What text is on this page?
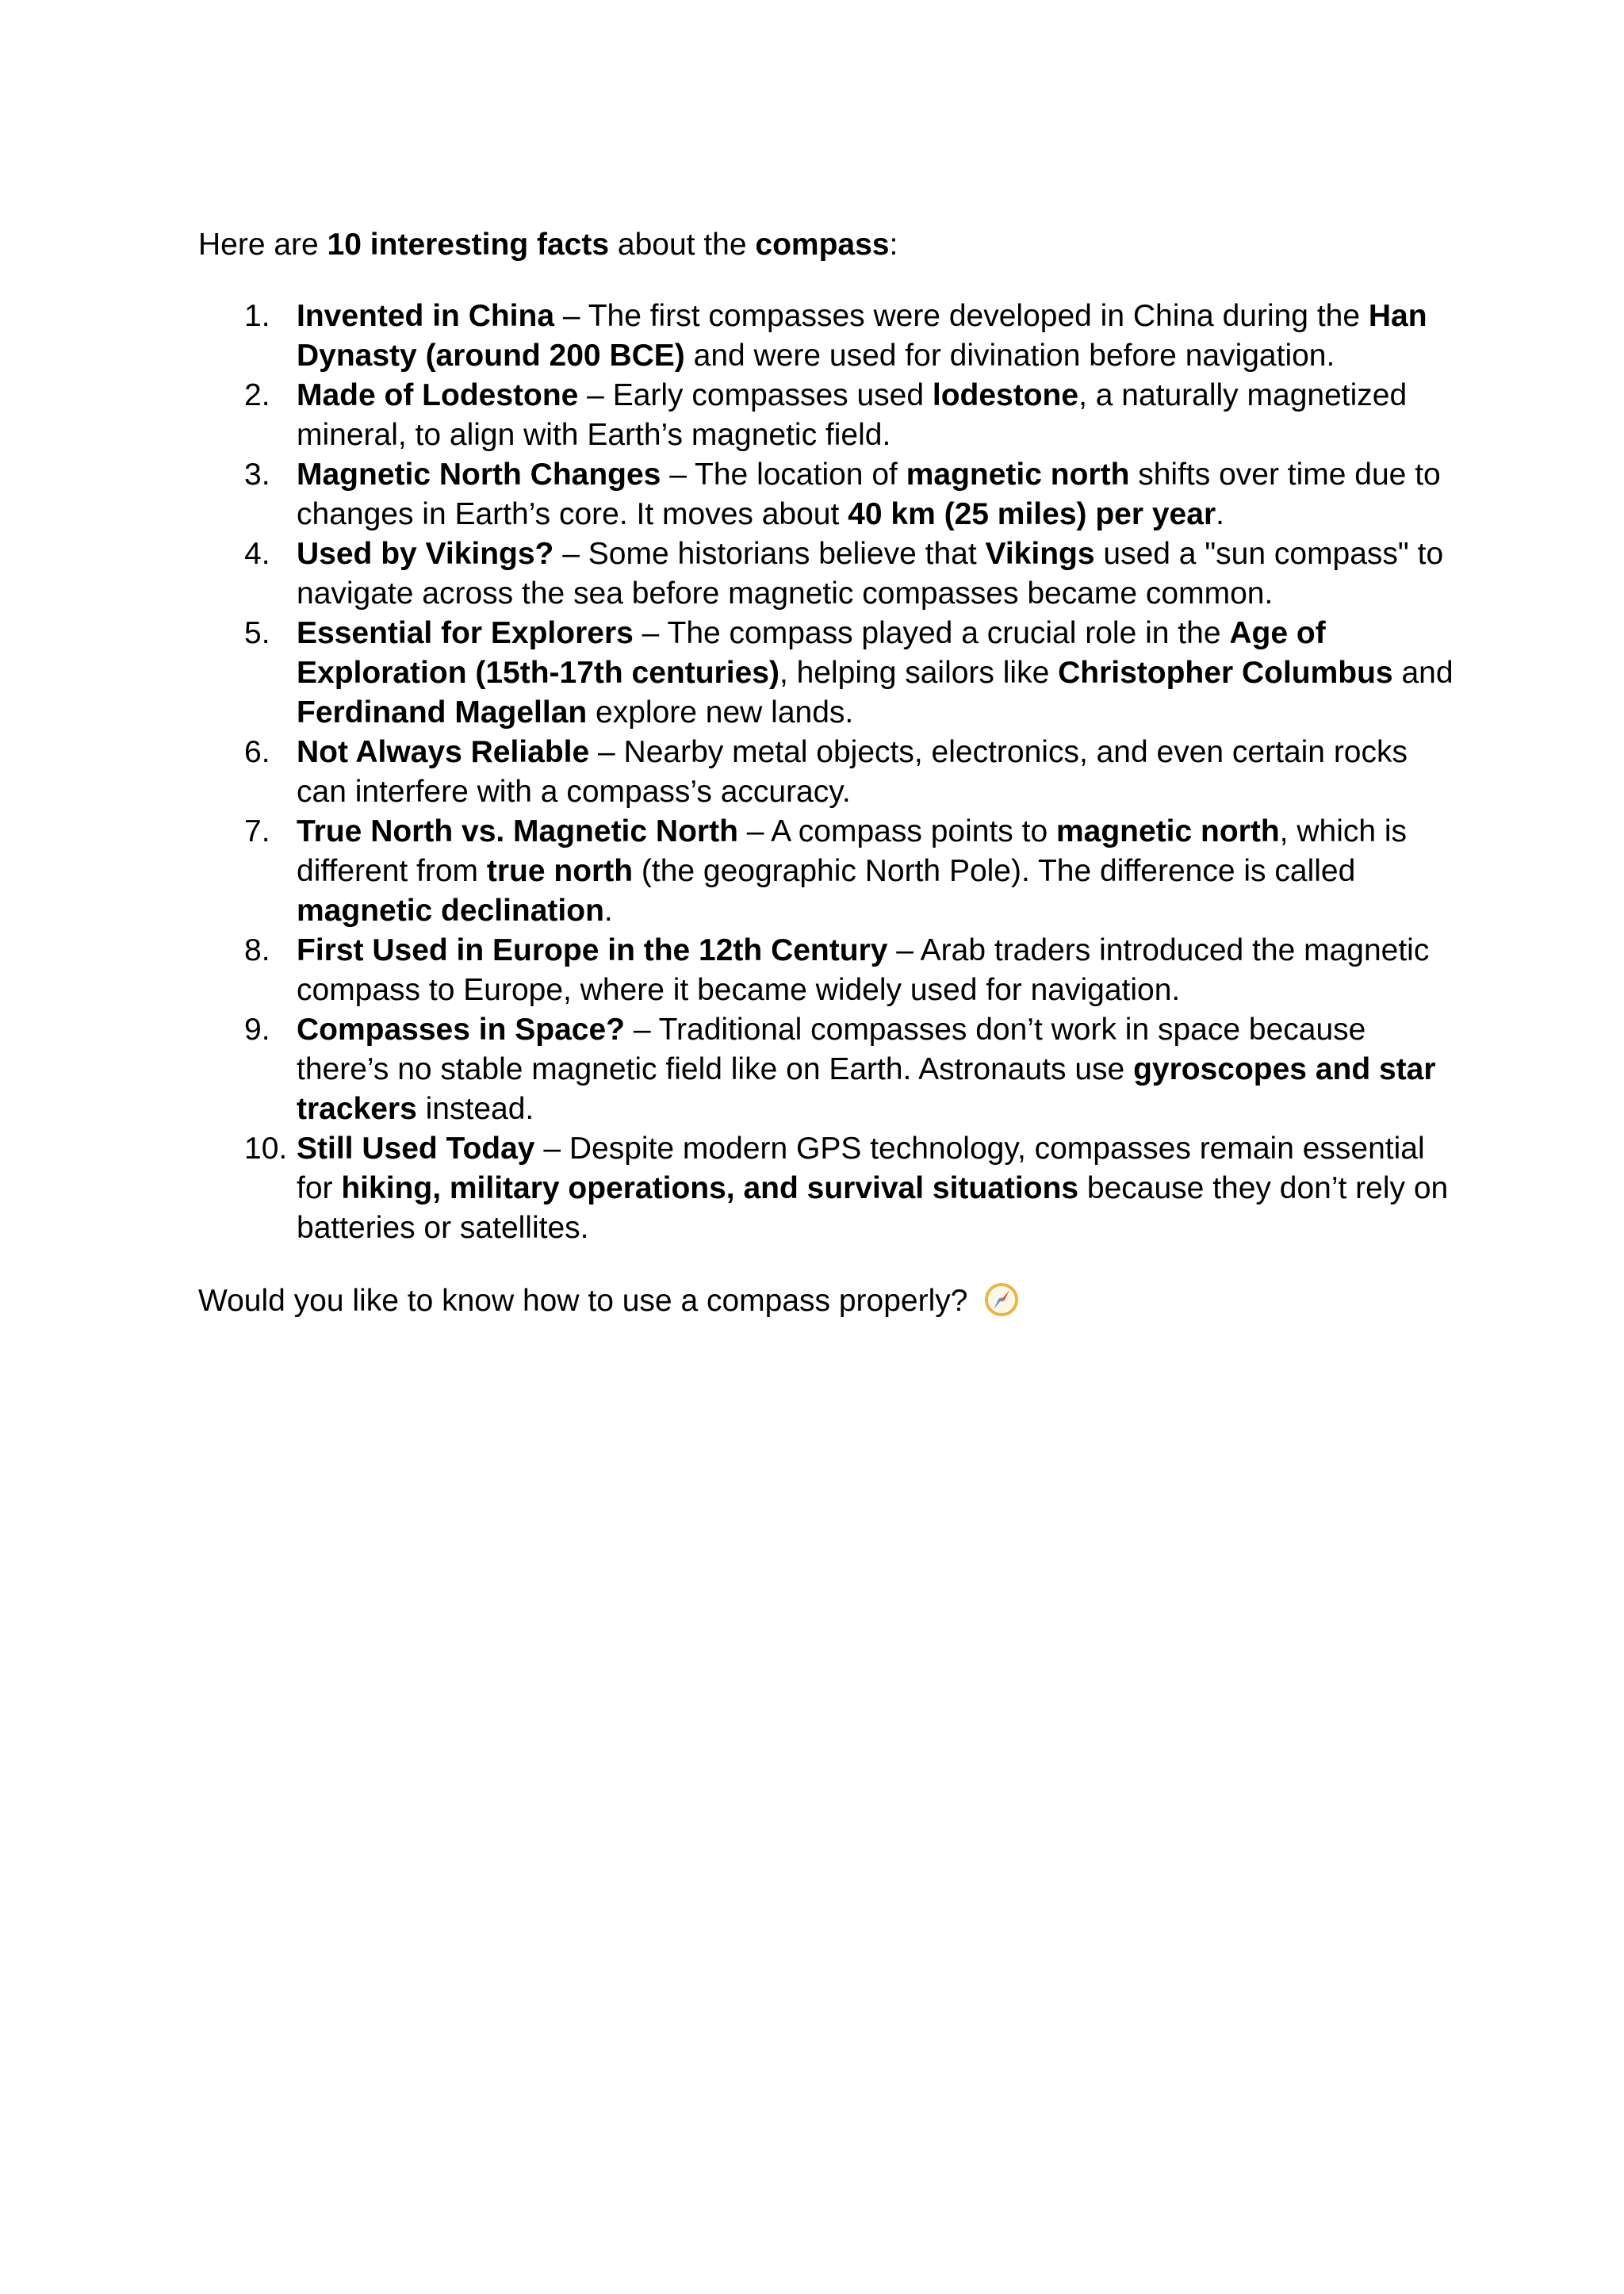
Here are 10 interesting facts about the compass:

1. Invented in China – The first compasses were developed in China during the Han
Dynasty (around 200 BCE) and were used for divination before navigation.
2. Made of Lodestone – Early compasses used lodestone, a naturally magnetized
mineral, to align with Earth’s magnetic field.
3. Magnetic North Changes – The location of magnetic north shifts over time due to
changes in Earth’s core. It moves about 40 km (25 miles) per year.
4. Used by Vikings? – Some historians believe that Vikings used a "sun compass" to
navigate across the sea before magnetic compasses became common.
5. Essential for Explorers – The compass played a crucial role in the Age of
Exploration (15th-17th centuries), helping sailors like Christopher Columbus and
Ferdinand Magellan explore new lands.
6. Not Always Reliable – Nearby metal objects, electronics, and even certain rocks
can interfere with a compass’s accuracy.
7. True North vs. Magnetic North – A compass points to magnetic north, which is
different from true north (the geographic North Pole). The difference is called
magnetic declination.
8. First Used in Europe in the 12th Century – Arab traders introduced the magnetic
compass to Europe, where it became widely used for navigation.
9. Compasses in Space? – Traditional compasses don’t work in space because
there’s no stable magnetic field like on Earth. Astronauts use gyroscopes and star
trackers instead.
10. Still Used Today – Despite modern GPS technology, compasses remain essential
for hiking, military operations, and survival situations because they don’t rely on
batteries or satellites.

Would you like to know how to use a compass properly?
